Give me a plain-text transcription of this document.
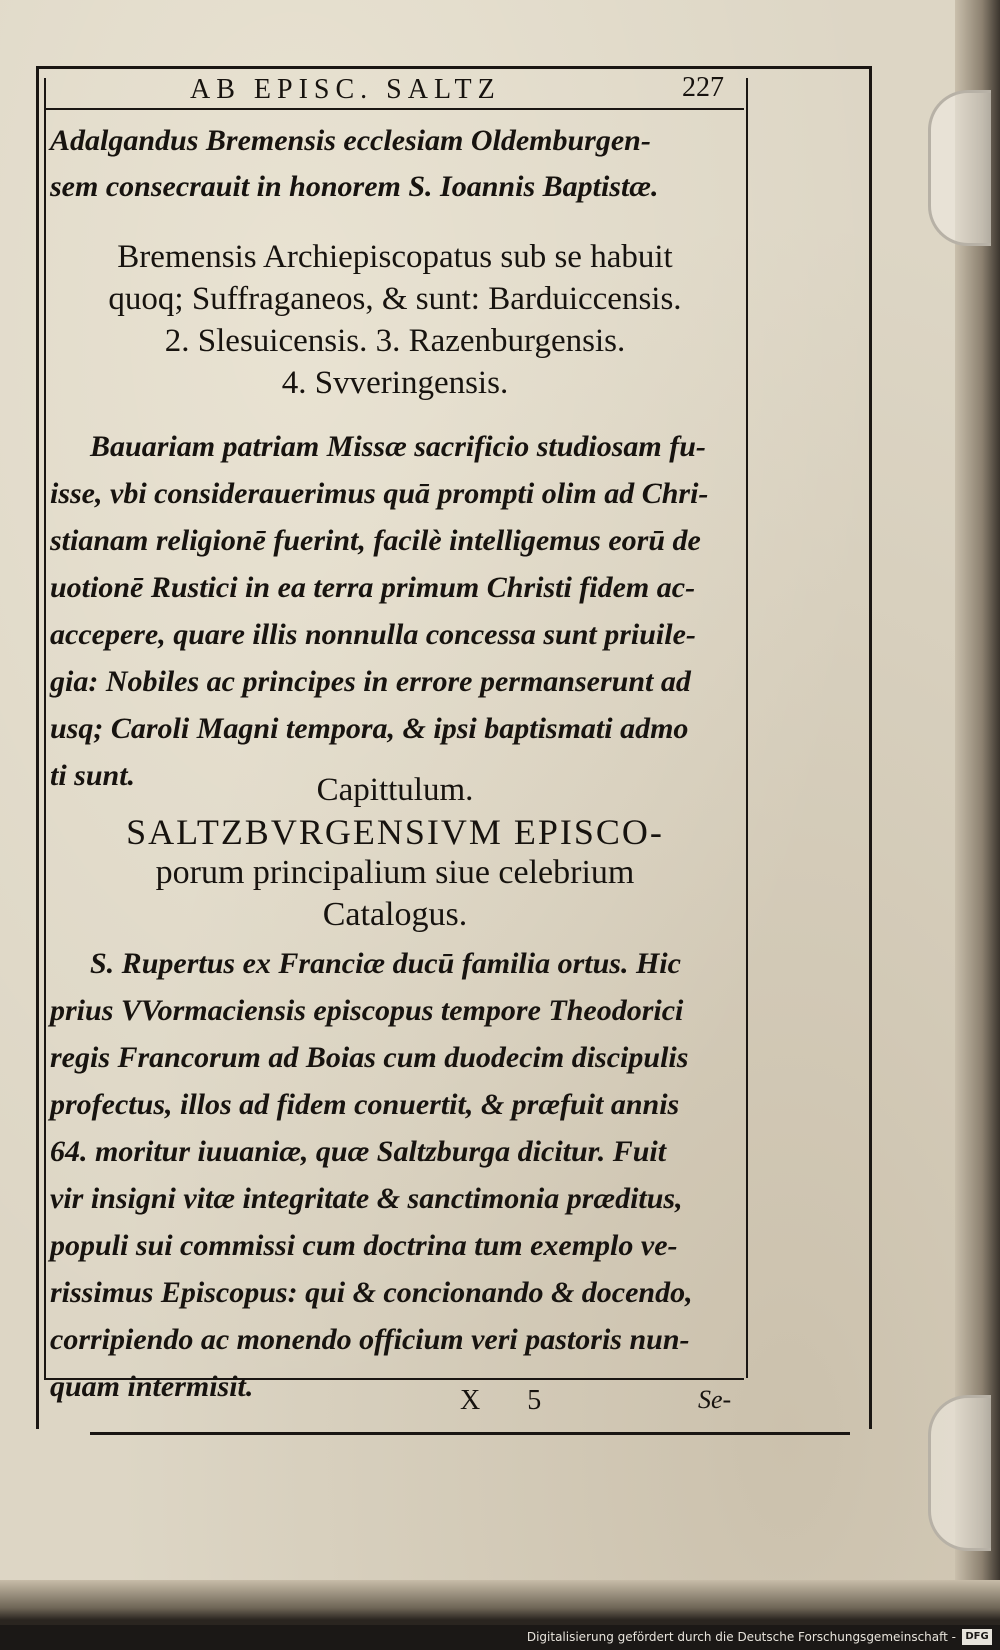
AB EPISC. SALTZ	227
Adalgandus Bremensis ecclesiam Oldemburgen-
sem consecrauit in honorem S. Ioannis Baptistæ.
Bremensis Archiepiscopatus sub se habuit
quoq; Suffraganeos, & sunt: Barduiccensis.
2. Slesuicensis. 3. Razenburgensis.
4. Svveringensis.
Bauariam patriam Missæ sacrificio studiosam fu-
isse, vbi considerauerimus quā prompti olim ad Chri-
stianam religionē fuerint, facilè intelligemus eorū de
uotionē Rustici in ea terra primum Christi fidem ac-
accepere, quare illis nonnulla concessa sunt priuile-
gia: Nobiles ac principes in errore permanserunt ad
usq; Caroli Magni tempora, & ipsi baptismati admo
ti sunt.	Capittulum.
SALTZBVRGENSIVM EPISCO-
porum principalium siue celebrium
Catalogus.
S. Rupertus ex Franciæ ducū familia ortus. Hic
prius VVormaciensis episcopus tempore Theodorici
regis Francorum ad Boias cum duodecim discipulis
profectus, illos ad fidem conuertit, & præfuit annis
64. moritur iuuaniæ, quæ Saltzburga dicitur. Fuit
vir insigni vitæ integritate & sanctimonia præditus,
populi sui commissi cum doctrina tum exemplo ve-
rissimus Episcopus: qui & concionando & docendo,
corripiendo ac monendo officium veri pastoris nun-
quam intermisit.	X 5	Se-
Digitalisierung gefördert durch die Deutsche Forschungsgemeinschaft - DFG
